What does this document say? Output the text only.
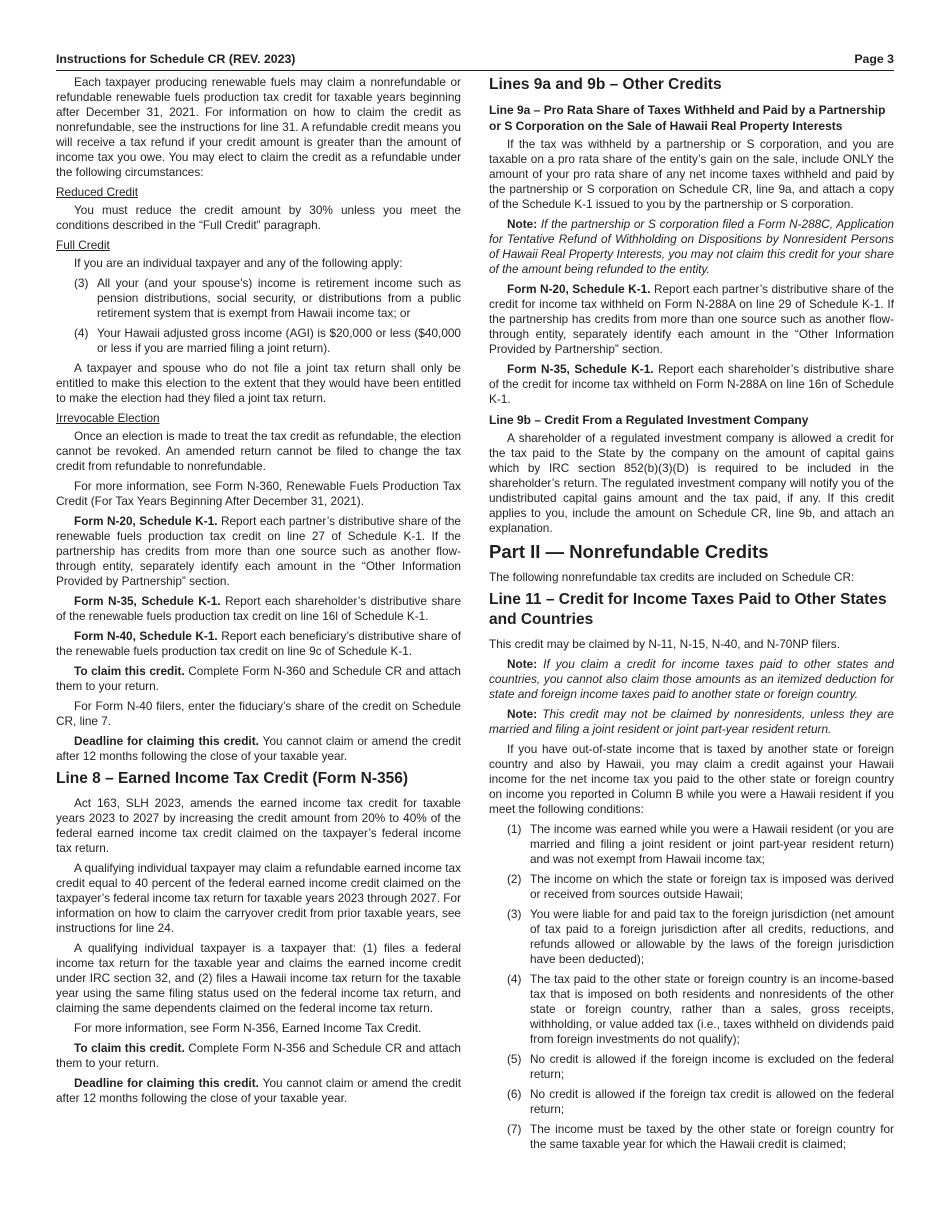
Instructions for Schedule CR (REV. 2023)	Page 3

Each taxpayer producing renewable fuels may claim a nonrefundable or refundable renewable fuels production tax credit for taxable years beginning after December 31, 2021. For information on how to claim the credit as nonrefundable, see the instructions for line 31. A refundable credit means you will receive a tax refund if your credit amount is greater than the amount of income tax you owe. You may elect to claim the credit as a refundable under the following circumstances:

Reduced Credit

You must reduce the credit amount by 30% unless you meet the conditions described in the “Full Credit” paragraph.

Full Credit

If you are an individual taxpayer and any of the following apply:

(3) All your (and your spouse’s) income is retirement income such as pension distributions, social security, or distributions from a public retirement system that is exempt from Hawaii income tax; or
(4) Your Hawaii adjusted gross income (AGI) is $20,000 or less ($40,000 or less if you are married filing a joint return).

A taxpayer and spouse who do not file a joint tax return shall only be entitled to make this election to the extent that they would have been entitled to make the election had they filed a joint tax return.

Irrevocable Election

Once an election is made to treat the tax credit as refundable, the election cannot be revoked. An amended return cannot be filed to change the tax credit from refundable to nonrefundable.

For more information, see Form N-360, Renewable Fuels Production Tax Credit (For Tax Years Beginning After December 31, 2021).

Form N-20, Schedule K-1. Report each partner’s distributive share of the renewable fuels production tax credit on line 27 of Schedule K-1. If the partnership has credits from more than one source such as another flow-through entity, separately identify each amount in the “Other Information Provided by Partnership” section.

Form N-35, Schedule K-1. Report each shareholder’s distributive share of the renewable fuels production tax credit on line 16l of Schedule K-1.

Form N-40, Schedule K-1. Report each beneficiary’s distributive share of the renewable fuels production tax credit on line 9c of Schedule K-1.

To claim this credit. Complete Form N-360 and Schedule CR and attach them to your return.

For Form N-40 filers, enter the fiduciary’s share of the credit on Schedule CR, line 7.

Deadline for claiming this credit. You cannot claim or amend the credit after 12 months following the close of your taxable year.

Line 8 – Earned Income Tax Credit (Form N-356)

Act 163, SLH 2023, amends the earned income tax credit for taxable years 2023 to 2027 by increasing the credit amount from 20% to 40% of the federal earned income tax credit claimed on the taxpayer’s federal income tax return.

A qualifying individual taxpayer may claim a refundable earned income tax credit equal to 40 percent of the federal earned income credit claimed on the taxpayer’s federal income tax return for taxable years 2023 through 2027. For information on how to claim the carryover credit from prior taxable years, see instructions for line 24.

A qualifying individual taxpayer is a taxpayer that: (1) files a federal income tax return for the taxable year and claims the earned income credit under IRC section 32, and (2) files a Hawaii income tax return for the taxable year using the same filing status used on the federal income tax return, and claiming the same dependents claimed on the federal income tax return.

For more information, see Form N-356, Earned Income Tax Credit.

To claim this credit. Complete Form N-356 and Schedule CR and attach them to your return.

Deadline for claiming this credit. You cannot claim or amend the credit after 12 months following the close of your taxable year.

Lines 9a and 9b – Other Credits
Line 9a – Pro Rata Share of Taxes Withheld and Paid by a Partnership or S Corporation on the Sale of Hawaii Real Property Interests

If the tax was withheld by a partnership or S corporation, and you are taxable on a pro rata share of the entity’s gain on the sale, include ONLY the amount of your pro rata share of any net income taxes withheld and paid by the partnership or S corporation on Schedule CR, line 9a, and attach a copy of the Schedule K-1 issued to you by the partnership or S corporation.

Note: If the partnership or S corporation filed a Form N-288C, Application for Tentative Refund of Withholding on Dispositions by Nonresident Persons of Hawaii Real Property Interests, you may not claim this credit for your share of the amount being refunded to the entity.

Form N-20, Schedule K-1. Report each partner’s distributive share of the credit for income tax withheld on Form N-288A on line 29 of Schedule K-1. If the partnership has credits from more than one source such as another flow-through entity, separately identify each amount in the “Other Information Provided by Partnership” section.

Form N-35, Schedule K-1. Report each shareholder’s distributive share of the credit for income tax withheld on Form N-288A on line 16n of Schedule K-1.

Line 9b – Credit From a Regulated Investment Company

A shareholder of a regulated investment company is allowed a credit for the tax paid to the State by the company on the amount of capital gains which by IRC section 852(b)(3)(D) is required to be included in the shareholder’s return. The regulated investment company will notify you of the undistributed capital gains amount and the tax paid, if any. If this credit applies to you, include the amount on Schedule CR, line 9b, and attach an explanation.

Part II — Nonrefundable Credits

The following nonrefundable tax credits are included on Schedule CR:

Line 11 – Credit for Income Taxes Paid to Other States and Countries

This credit may be claimed by N-11, N-15, N-40, and N-70NP filers.

Note: If you claim a credit for income taxes paid to other states and countries, you cannot also claim those amounts as an itemized deduction for state and foreign income taxes paid to another state or foreign country.

Note: This credit may not be claimed by nonresidents, unless they are married and filing a joint resident or joint part-year resident return.

If you have out-of-state income that is taxed by another state or foreign country and also by Hawaii, you may claim a credit against your Hawaii income for the net income tax you paid to the other state or foreign country on income you reported in Column B while you were a Hawaii resident if you meet the following conditions:

(1) The income was earned while you were a Hawaii resident (or you are married and filing a joint resident or joint part-year resident return) and was not exempt from Hawaii income tax;
(2) The income on which the state or foreign tax is imposed was derived or received from sources outside Hawaii;
(3) You were liable for and paid tax to the foreign jurisdiction (net amount of tax paid to a foreign jurisdiction after all credits, reductions, and refunds allowed or allowable by the laws of the foreign jurisdiction have been deducted);
(4) The tax paid to the other state or foreign country is an income-based tax that is imposed on both residents and nonresidents of the other state or foreign country, rather than a sales, gross receipts, withholding, or value added tax (i.e., taxes withheld on dividends paid from foreign investments do not qualify);
(5) No credit is allowed if the foreign income is excluded on the federal return;
(6) No credit is allowed if the foreign tax credit is allowed on the federal return;
(7) The income must be taxed by the other state or foreign country for the same taxable year for which the Hawaii credit is claimed;
